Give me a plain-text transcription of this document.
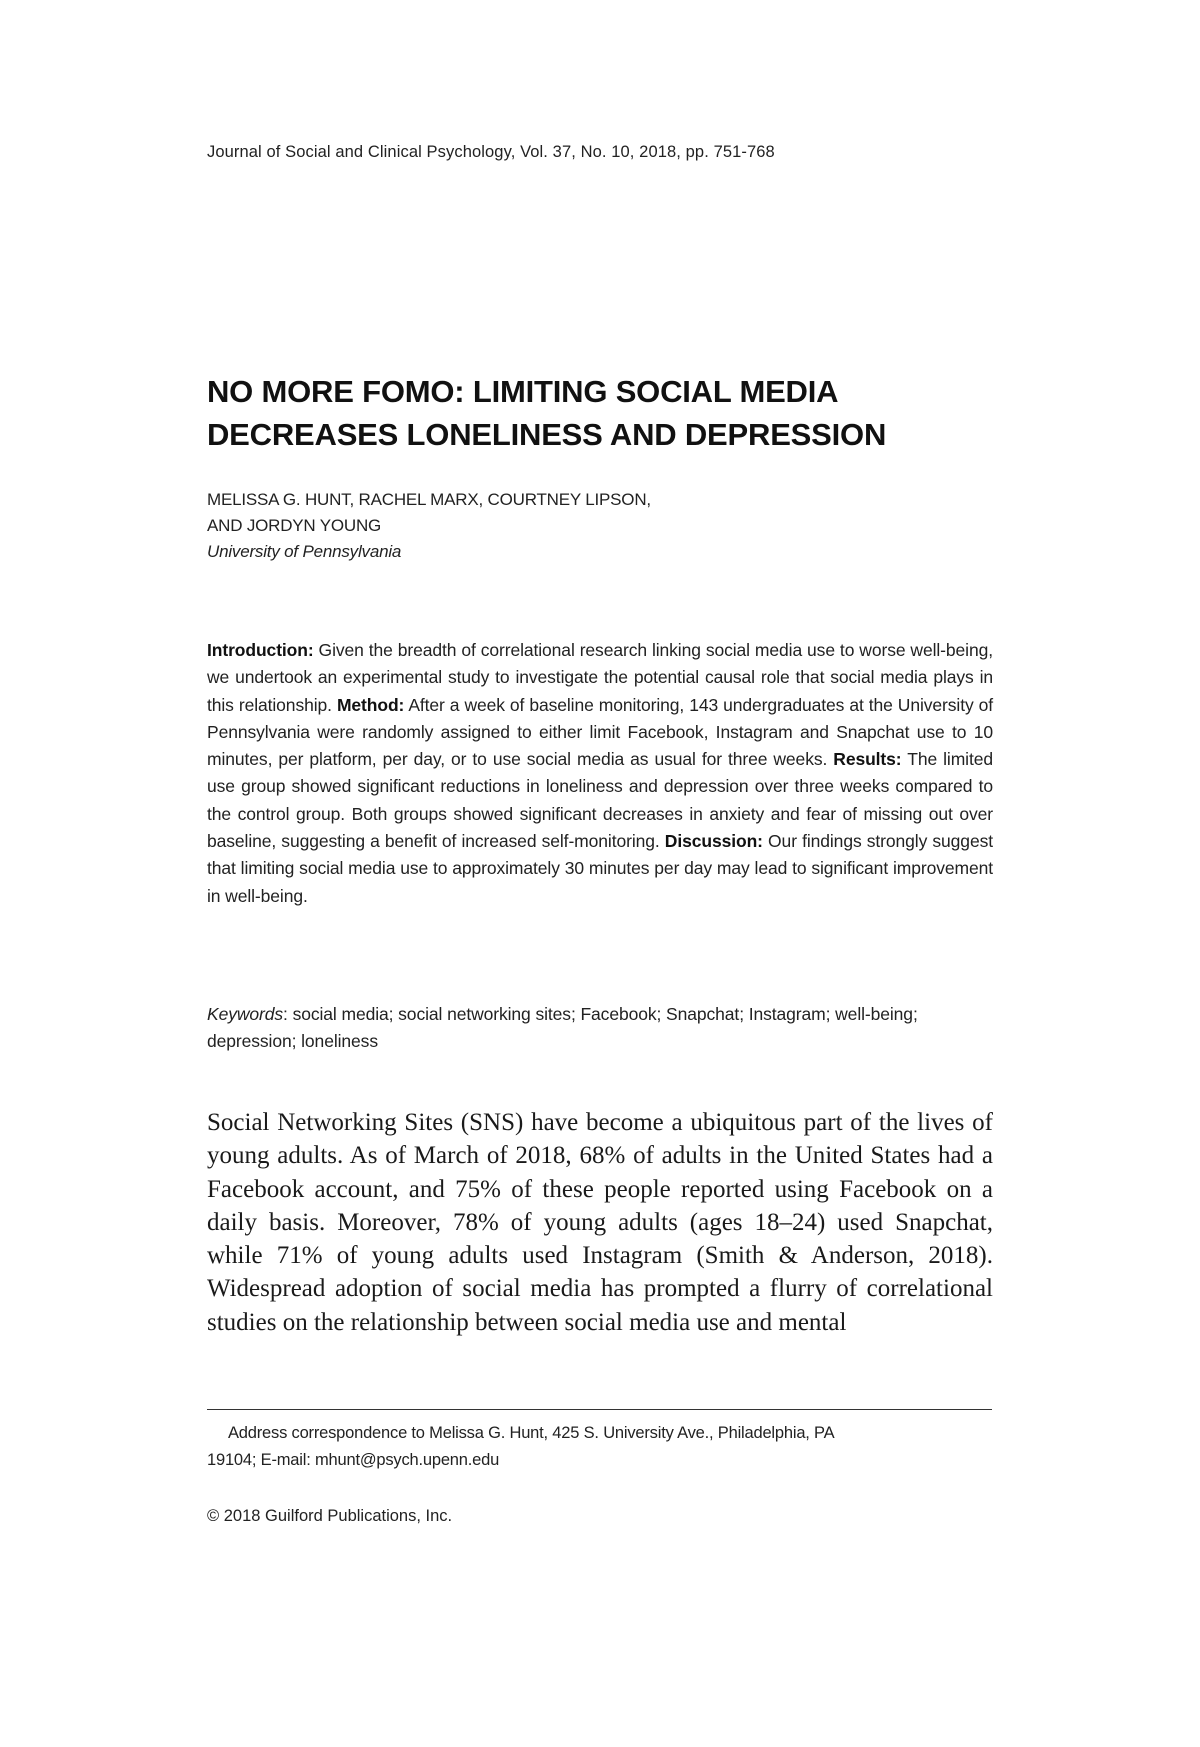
Journal of Social and Clinical Psychology, Vol. 37, No. 10, 2018, pp. 751-768
NO MORE FOMO: LIMITING SOCIAL MEDIA
DECREASES LONELINESS AND DEPRESSION
MELISSA G. HUNT, RACHEL MARX, COURTNEY LIPSON,
AND JORDYN YOUNG
University of Pennsylvania
Introduction: Given the breadth of correlational research linking social media use to worse well-being, we undertook an experimental study to investigate the potential causal role that social media plays in this relationship. Method: After a week of baseline monitoring, 143 undergraduates at the University of Pennsylvania were randomly assigned to either limit Facebook, Instagram and Snapchat use to 10 minutes, per platform, per day, or to use social media as usual for three weeks. Results: The limited use group showed significant reductions in loneliness and depression over three weeks compared to the control group. Both groups showed significant decreases in anxiety and fear of missing out over baseline, suggesting a benefit of increased self-monitoring. Discussion: Our findings strongly suggest that limiting social media use to approximately 30 minutes per day may lead to significant improvement in well-being.
Keywords: social media; social networking sites; Facebook; Snapchat; Instagram; well-being; depression; loneliness
Social Networking Sites (SNS) have become a ubiquitous part of the lives of young adults. As of March of 2018, 68% of adults in the United States had a Facebook account, and 75% of these people reported using Facebook on a daily basis. Moreover, 78% of young adults (ages 18–24) used Snapchat, while 71% of young adults used Instagram (Smith & Anderson, 2018). Widespread adoption of social media has prompted a flurry of correlational studies on the relationship between social media use and mental
Address correspondence to Melissa G. Hunt, 425 S. University Ave., Philadelphia, PA
19104; E-mail: mhunt@psych.upenn.edu
© 2018 Guilford Publications, Inc.
